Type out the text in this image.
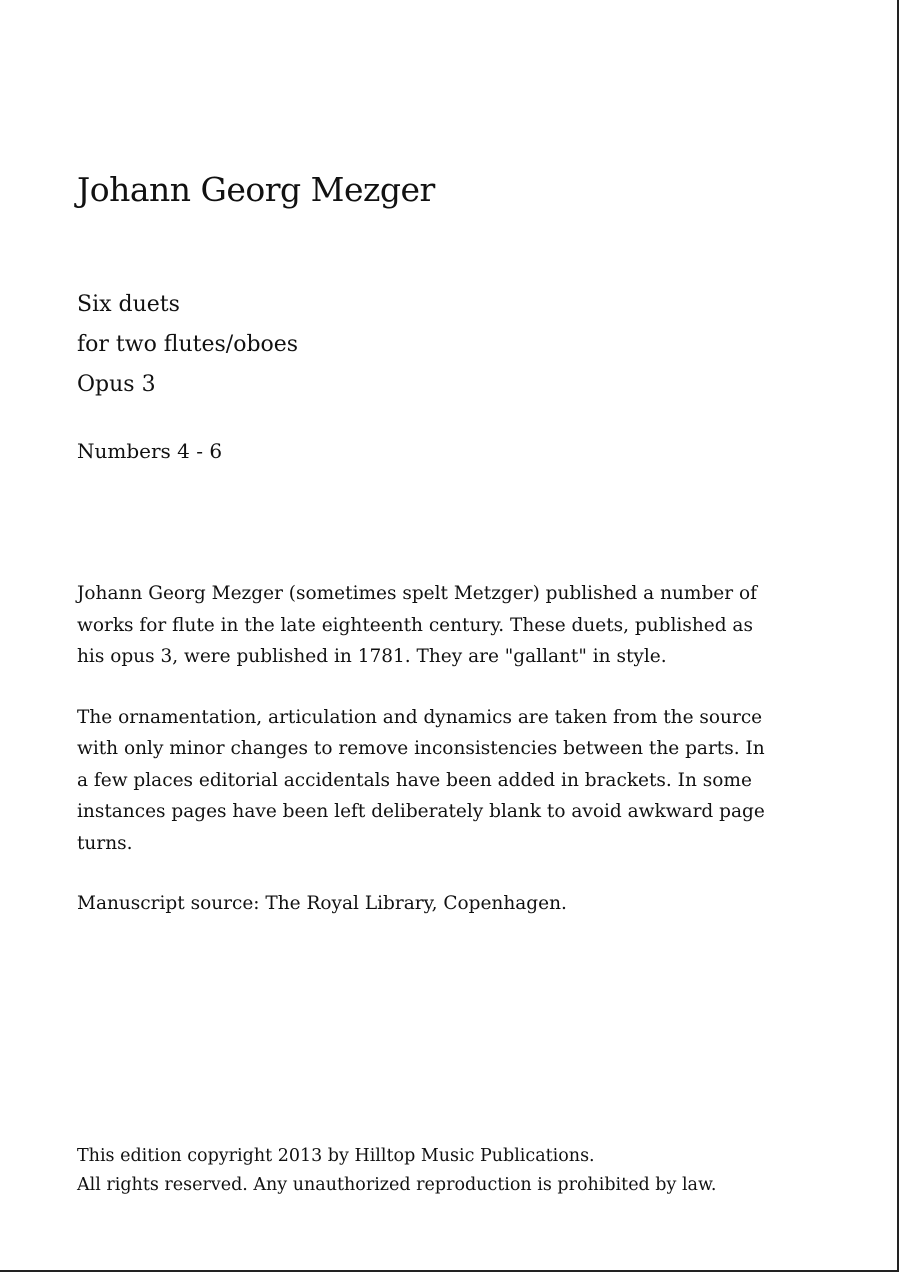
Johann Georg Mezger
Six duets
for two flutes/oboes
Opus 3
Numbers 4 - 6

Johann Georg Mezger (sometimes spelt Metzger) published a number of works for flute in the late eighteenth century. These duets, published as his opus 3, were published in 1781. They are "gallant" in style.

The ornamentation, articulation and dynamics are taken from the source with only minor changes to remove inconsistencies between the parts. In a few places editorial accidentals have been added in brackets. In some instances pages have been left deliberately blank to avoid awkward page turns.

Manuscript source: The Royal Library, Copenhagen.

This edition copyright 2013 by Hilltop Music Publications.
All rights reserved. Any unauthorized reproduction is prohibited by law.
